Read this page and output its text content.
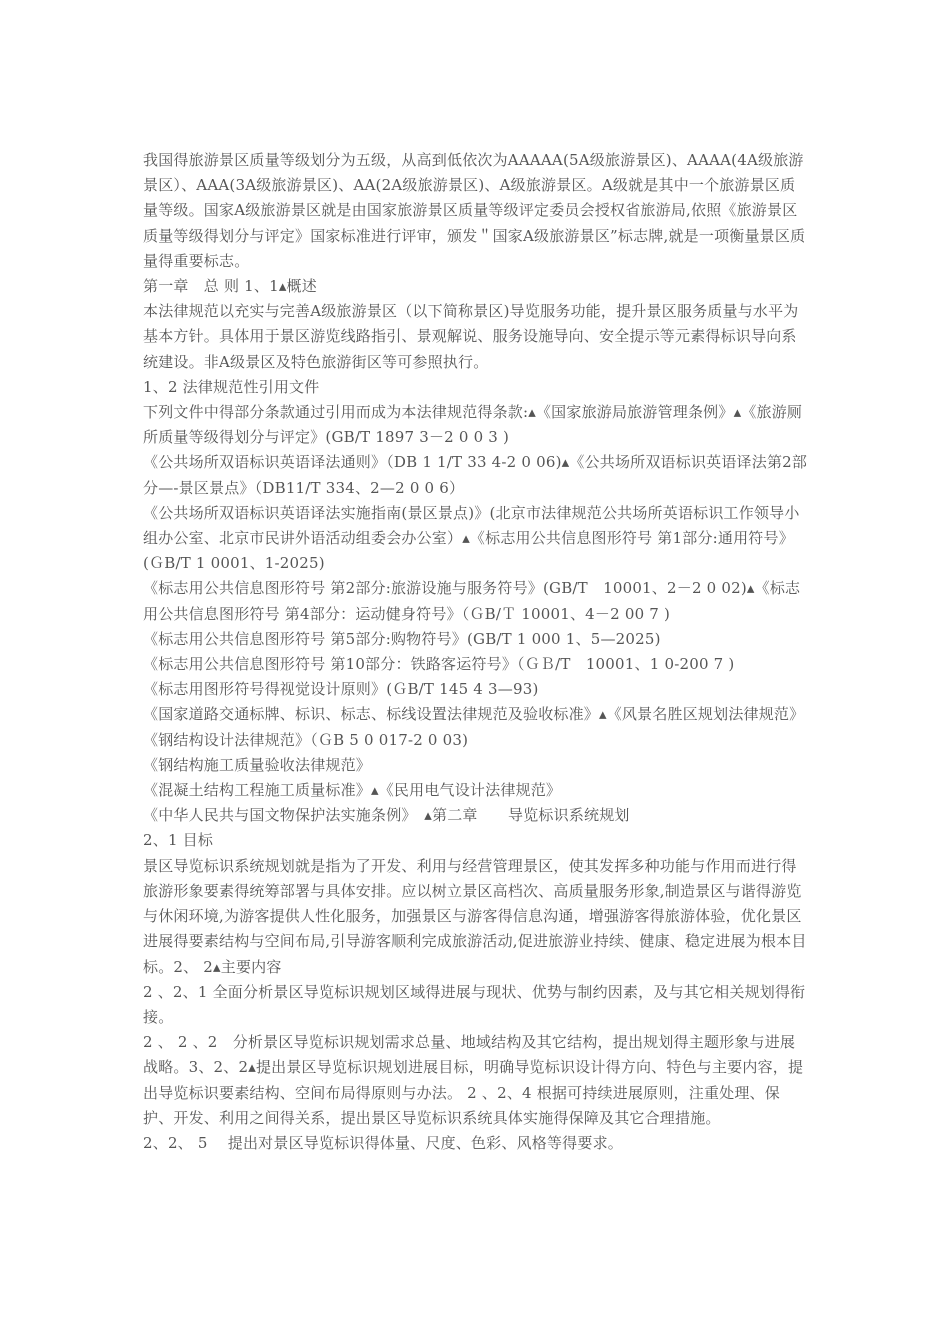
我国得旅游景区质量等级划分为五级，从高到低依次为AAAAA(5A级旅游景区)、AAAA(4A级旅游景区）、AAA(3A级旅游景区)、AA(2A级旅游景区)、A级旅游景区。A级就是其中一个旅游景区质量等级。国家A级旅游景区就是由国家旅游景区质量等级评定委员会授权省旅游局,依照《旅游景区质量等级得划分与评定》国家标准进行评审，颁发＂国家A级旅游景区”标志牌,就是一项衡量景区质量得重要标志。

第一章　总 则 1、1▴概述

本法律规范以充实与完善A级旅游景区（以下简称景区)导览服务功能，提升景区服务质量与水平为基本方针。具体用于景区游览线路指引、景观解说、服务设施导向、安全提示等元素得标识导向系统建设。非A级景区及特色旅游街区等可参照执行。

1、2 法律规范性引用文件

下列文件中得部分条款通过引用而成为本法律规范得条款:▴《国家旅游局旅游管理条例》▴《旅游厕所质量等级得划分与评定》(GB/T 1897 3－2 0 0 3 )

《公共场所双语标识英语译法通则》（DB 1 1/T 33 4-2 0 06)▴《公共场所双语标识英语译法第2部分—-景区景点》（DB11/T 334、2—2 0 0 6）

《公共场所双语标识英语译法实施指南(景区景点)》(北京市法律规范公共场所英语标识工作领导小组办公室、北京市民讲外语活动组委会办公室）▴《标志用公共信息图形符号 第1部分:通用符号》(ＧB/T 1 0001、1-2025)

《标志用公共信息图形符号 第2部分:旅游设施与服务符号》(GB/T　10001、2－2 0 02)▴《标志用公共信息图形符号 第4部分：运动健身符号》（ＧB/Ｔ 10001、4－2 00 7 )

《标志用公共信息图形符号 第5部分:购物符号》(GB/T 1 000 1、5—2025)

《标志用公共信息图形符号 第10部分：铁路客运符号》（ＧＢ/T　10001、1 0-200 7 )

《标志用图形符号得视觉设计原则》(ＧB/T 145 4 3—93)

《国家道路交通标牌、标识、标志、标线设置法律规范及验收标准》▴《风景名胜区规划法律规范》

《钢结构设计法律规范》（ＧB 5 0 017-2 0 03)

《钢结构施工质量验收法律规范》

《混凝土结构工程施工质量标准》▴《民用电气设计法律规范》

《中华人民共与国文物保护法实施条例》　▴第二章　　导览标识系统规划

2、1 目标

景区导览标识系统规划就是指为了开发、利用与经营管理景区，使其发挥多种功能与作用而进行得旅游形象要素得统筹部署与具体安排。应以树立景区高档次、高质量服务形象,制造景区与谐得游览与休闲环境,为游客提供人性化服务，加强景区与游客得信息沟通，增强游客得旅游体验，优化景区进展得要素结构与空间布局,引导游客顺利完成旅游活动,促进旅游业持续、健康、稳定进展为根本目标。2、 2▴主要内容

2 、2、1 全面分析景区导览标识规划区域得进展与现状、优势与制约因素，及与其它相关规划得衔接。

2 、 2 、2　分析景区导览标识规划需求总量、地域结构及其它结构，提出规划得主题形象与进展战略。3、2、2▴提出景区导览标识规划进展目标，明确导览标识设计得方向、特色与主要内容，提出导览标识要素结构、空间布局得原则与办法。 2 、2、4 根据可持续进展原则，注重处理、保护、开发、利用之间得关系，提出景区导览标识系统具体实施得保障及其它合理措施。

2、2、 5　 提出对景区导览标识得体量、尺度、色彩、风格等得要求。
